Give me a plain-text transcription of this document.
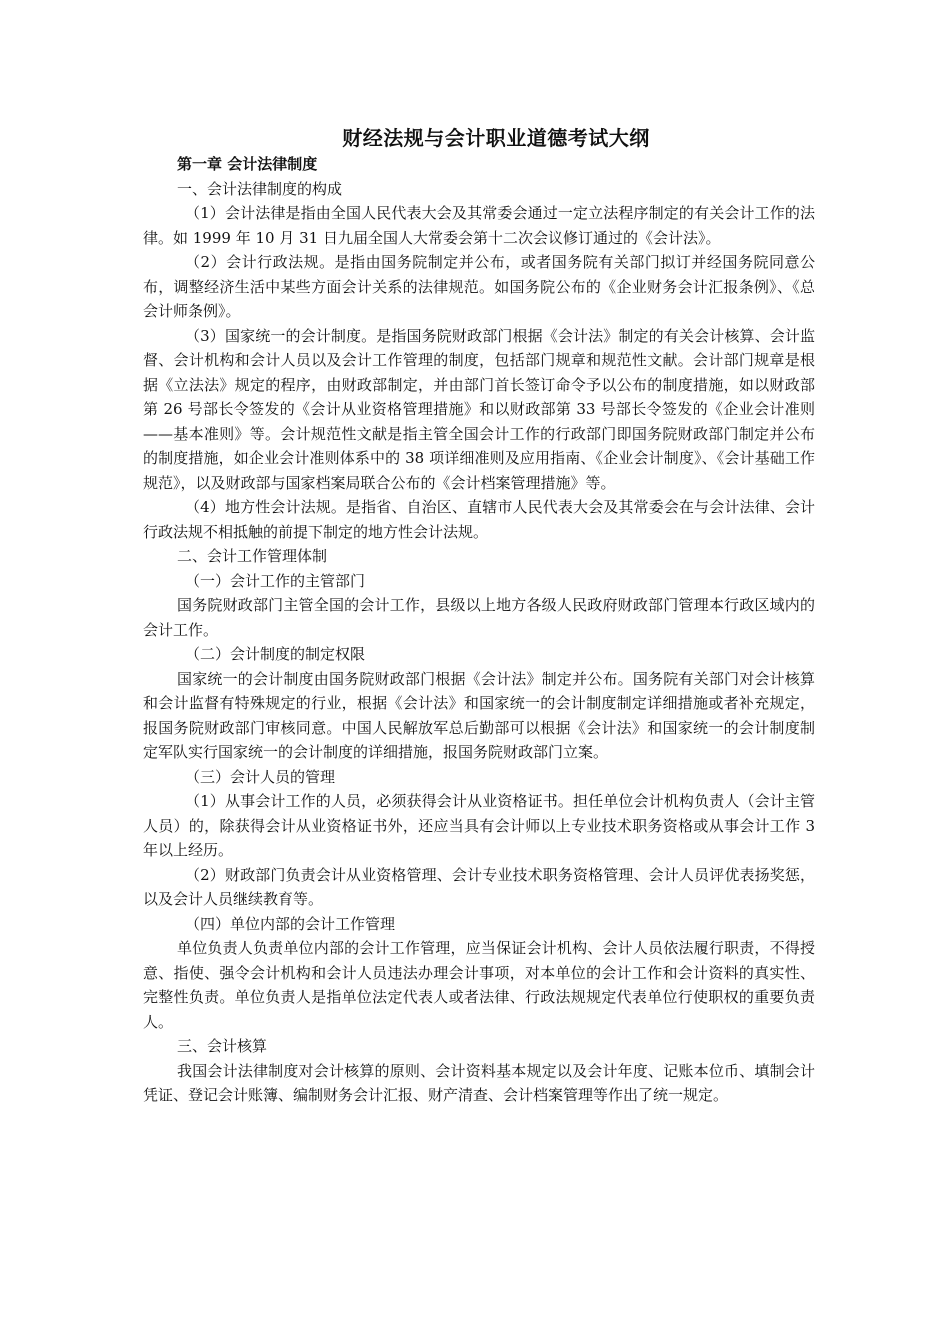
财经法规与会计职业道德考试大纲
第一章 会计法律制度

一、会计法律制度的构成

（1）会计法律是指由全国人民代表大会及其常委会通过一定立法程序制定的有关会计工作的法律。如 1999 年 10 月 31 日九届全国人大常委会第十二次会议修订通过的《会计法》。

（2）会计行政法规。是指由国务院制定并公布，或者国务院有关部门拟订并经国务院同意公布，调整经济生活中某些方面会计关系的法律规范。如国务院公布的《企业财务会计汇报条例》、《总会计师条例》。

（3）国家统一的会计制度。是指国务院财政部门根据《会计法》制定的有关会计核算、会计监督、会计机构和会计人员以及会计工作管理的制度，包括部门规章和规范性文献。会计部门规章是根据《立法法》规定的程序，由财政部制定，并由部门首长签订命令予以公布的制度措施，如以财政部第 26 号部长令签发的《会计从业资格管理措施》和以财政部第 33 号部长令签发的《企业会计准则——基本准则》等。会计规范性文献是指主管全国会计工作的行政部门即国务院财政部门制定并公布的制度措施，如企业会计准则体系中的 38 项详细准则及应用指南、《企业会计制度》、《会计基础工作规范》，以及财政部与国家档案局联合公布的《会计档案管理措施》等。

（4）地方性会计法规。是指省、自治区、直辖市人民代表大会及其常委会在与会计法律、会计行政法规不相抵触的前提下制定的地方性会计法规。

二、会计工作管理体制

（一）会计工作的主管部门

国务院财政部门主管全国的会计工作，县级以上地方各级人民政府财政部门管理本行政区域内的会计工作。

（二）会计制度的制定权限

国家统一的会计制度由国务院财政部门根据《会计法》制定并公布。国务院有关部门对会计核算和会计监督有特殊规定的行业，根据《会计法》和国家统一的会计制度制定详细措施或者补充规定，报国务院财政部门审核同意。中国人民解放军总后勤部可以根据《会计法》和国家统一的会计制度制定军队实行国家统一的会计制度的详细措施，报国务院财政部门立案。

（三）会计人员的管理

（1）从事会计工作的人员，必须获得会计从业资格证书。担任单位会计机构负责人（会计主管人员）的，除获得会计从业资格证书外，还应当具有会计师以上专业技术职务资格或从事会计工作 3 年以上经历。

（2）财政部门负责会计从业资格管理、会计专业技术职务资格管理、会计人员评优表扬奖惩，以及会计人员继续教育等。

（四）单位内部的会计工作管理

单位负责人负责单位内部的会计工作管理，应当保证会计机构、会计人员依法履行职责，不得授意、指使、强令会计机构和会计人员违法办理会计事项，对本单位的会计工作和会计资料的真实性、完整性负责。单位负责人是指单位法定代表人或者法律、行政法规规定代表单位行使职权的重要负责人。

三、会计核算

我国会计法律制度对会计核算的原则、会计资料基本规定以及会计年度、记账本位币、填制会计凭证、登记会计账簿、编制财务会计汇报、财产清查、会计档案管理等作出了统一规定。
